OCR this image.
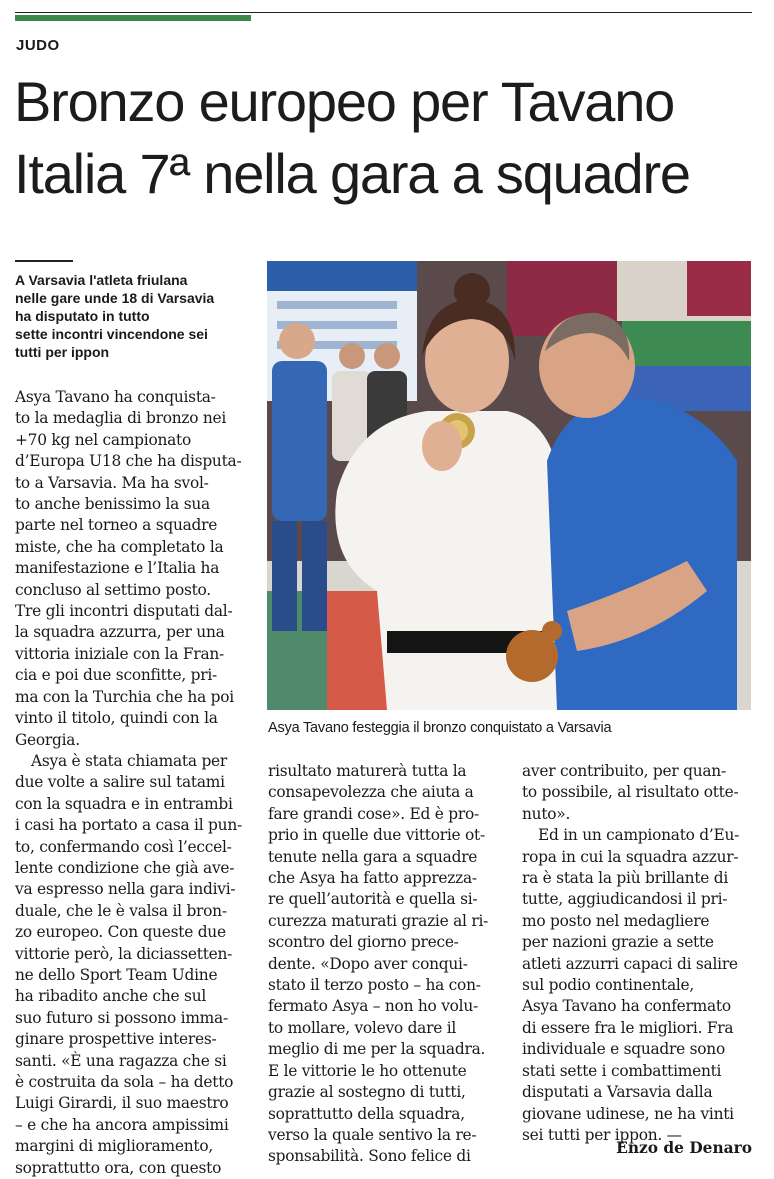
JUDO
Bronzo europeo per Tavano
Italia 7ª nella gara a squadre
A Varsavia l'atleta friulana
nelle gare unde 18 di Varsavia
ha disputato in tutto
sette incontri vincendone sei
tutti per ippon
Asya Tavano festeggia il bronzo conquistato a Varsavia
Asya Tavano ha conquista-
to la medaglia di bronzo nei
+70 kg nel campionato
d’Europa U18 che ha disputa-
to a Varsavia. Ma ha svol-
to anche benissimo la sua
parte nel torneo a squadre
miste, che ha completato la
manifestazione e l’Italia ha
concluso al settimo posto.
Tre gli incontri disputati dal-
la squadra azzurra, per una
vittoria iniziale con la Fran-
cia e poi due sconfitte, pri-
ma con la Turchia che ha poi
vinto il titolo, quindi con la
Georgia.
Asya è stata chiamata per
due volte a salire sul tatami
con la squadra e in entrambi
i casi ha portato a casa il pun-
to, confermando così l’eccel-
lente condizione che già ave-
va espresso nella gara indivi-
duale, che le è valsa il bron-
zo europeo. Con queste due
vittorie però, la diciassetten-
ne dello Sport Team Udine
ha ribadito anche che sul
suo futuro si possono imma-
ginare prospettive interes-
santi. «È una ragazza che si
è costruita da sola – ha detto
Luigi Girardi, il suo maestro
– e che ha ancora ampissimi
margini di miglioramento,
soprattutto ora, con questo
risultato maturerà tutta la
consapevolezza che aiuta a
fare grandi cose». Ed è pro-
prio in quelle due vittorie ot-
tenute nella gara a squadre
che Asya ha fatto apprezza-
re quell’autorità e quella si-
curezza maturati grazie al ri-
scontro del giorno prece-
dente. «Dopo aver conqui-
stato il terzo posto – ha con-
fermato Asya – non ho volu-
to mollare, volevo dare il
meglio di me per la squadra.
E le vittorie le ho ottenute
grazie al sostegno di tutti,
soprattutto della squadra,
verso la quale sentivo la re-
sponsabilità. Sono felice di
aver contribuito, per quan-
to possibile, al risultato otte-
nuto».
Ed in un campionato d’Eu-
ropa in cui la squadra azzur-
ra è stata la più brillante di
tutte, aggiudicandosi il pri-
mo posto nel medagliere
per nazioni grazie a sette
atleti azzurri capaci di salire
sul podio continentale,
Asya Tavano ha confermato
di essere fra le migliori. Fra
individuale e squadre sono
stati sette i combattimenti
disputati a Varsavia dalla
giovane udinese, ne ha vinti
sei tutti per ippon. —
Enzo de Denaro
